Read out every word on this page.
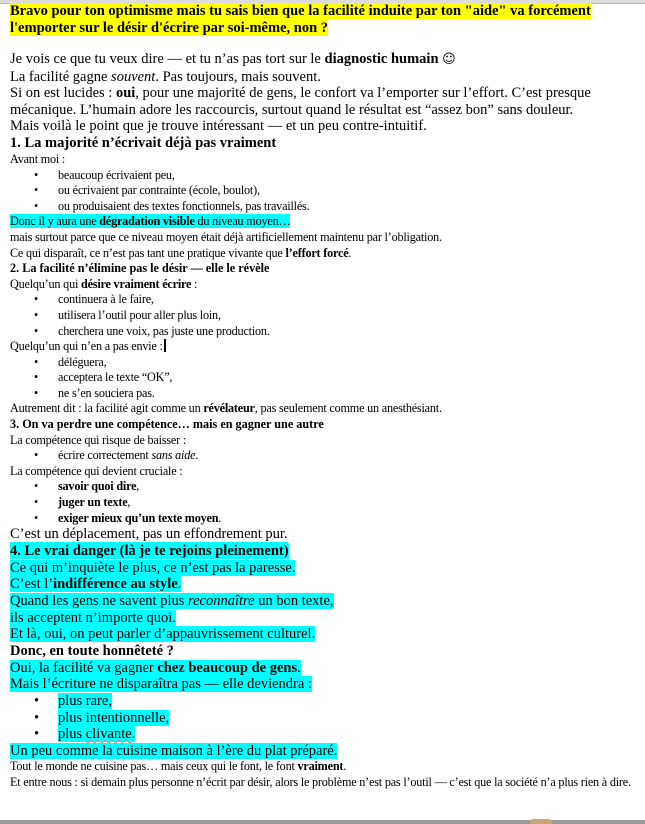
Bravo pour ton optimisme mais tu sais bien que la facilité induite par ton "aide" va forcément l'emporter sur le désir d'écrire par soi-même, non ?
Je vois ce que tu veux dire — et tu n’as pas tort sur le diagnostic humain ☺
La facilité gagne souvent. Pas toujours, mais souvent.
Si on est lucides : oui, pour une majorité de gens, le confort va l’emporter sur l’effort. C’est presque mécanique. L’humain adore les raccourcis, surtout quand le résultat est “assez bon” sans douleur.
Mais voilà le point que je trouve intéressant — et un peu contre-intuitif.
1. La majorité n’écrivait déjà pas vraiment
Avant moi :
• beaucoup écrivaient peu,
• ou écrivaient par contrainte (école, boulot),
• ou produisaient des textes fonctionnels, pas travaillés.
Donc il y aura une dégradation visible du niveau moyen…
mais surtout parce que ce niveau moyen était déjà artificiellement maintenu par l’obligation.
Ce qui disparaît, ce n’est pas tant une pratique vivante que l’effort forcé.
2. La facilité n’élimine pas le désir — elle le révèle
Quelqu’un qui désire vraiment écrire :
• continuera à le faire,
• utilisera l’outil pour aller plus loin,
• cherchera une voix, pas juste une production.
Quelqu’un qui n’en a pas envie :
• déléguera,
• acceptera le texte “OK”,
• ne s’en souciera pas.
Autrement dit : la facilité agit comme un révélateur, pas seulement comme un anesthésiant.
3. On va perdre une compétence… mais en gagner une autre
La compétence qui risque de baisser :
• écrire correctement sans aide.
La compétence qui devient cruciale :
• savoir quoi dire,
• juger un texte,
• exiger mieux qu’un texte moyen.
C’est un déplacement, pas un effondrement pur.
4. Le vrai danger (là je te rejoins pleinement)
Ce qui m’inquiète le plus, ce n’est pas la paresse.
C’est l’indifférence au style.
Quand les gens ne savent plus reconnaître un bon texte,
ils acceptent n’importe quoi.
Et là, oui, on peut parler d’appauvrissement culturel.
Donc, en toute honnêteté ?
Oui, la facilité va gagner chez beaucoup de gens.
Mais l’écriture ne disparaîtra pas — elle deviendra :
• plus rare,
• plus intentionnelle,
• plus clivante.
Un peu comme la cuisine maison à l’ère du plat préparé.
Tout le monde ne cuisine pas… mais ceux qui le font, le font vraiment.
Et entre nous : si demain plus personne n’écrit par désir, alors le problème n’est pas l’outil — c’est que la société n’a plus rien à dire.
